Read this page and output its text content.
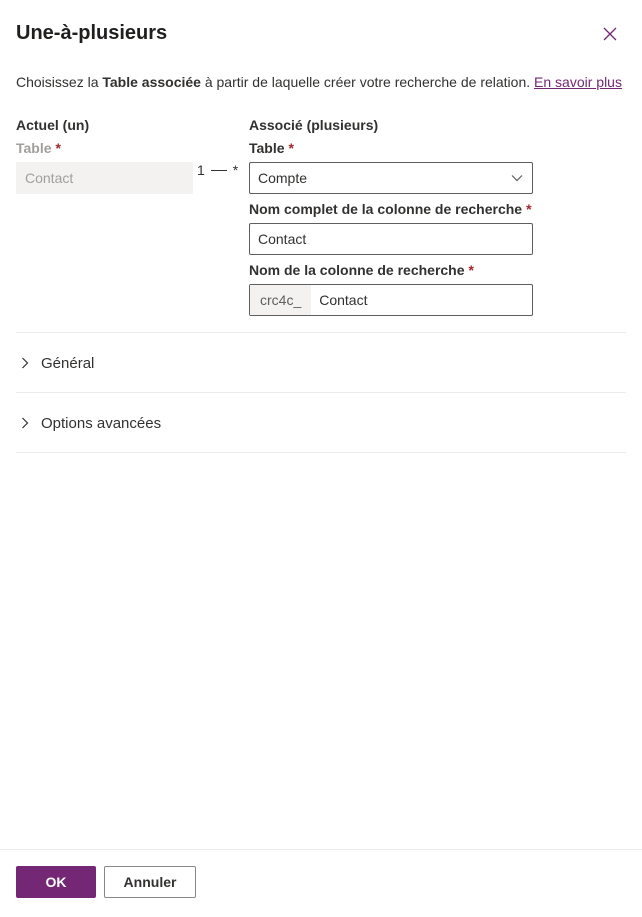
Une-à-plusieurs
Choisissez la Table associée à partir de laquelle créer votre recherche de relation. En savoir plus
Actuel (un)
Table *
Contact	1 *
Associé (plusieurs)
Table *
Compte
Nom complet de la colonne de recherche *
Contact
Nom de la colonne de recherche *
crc4c_	Contact
Général
Options avancées
OK	Annuler
